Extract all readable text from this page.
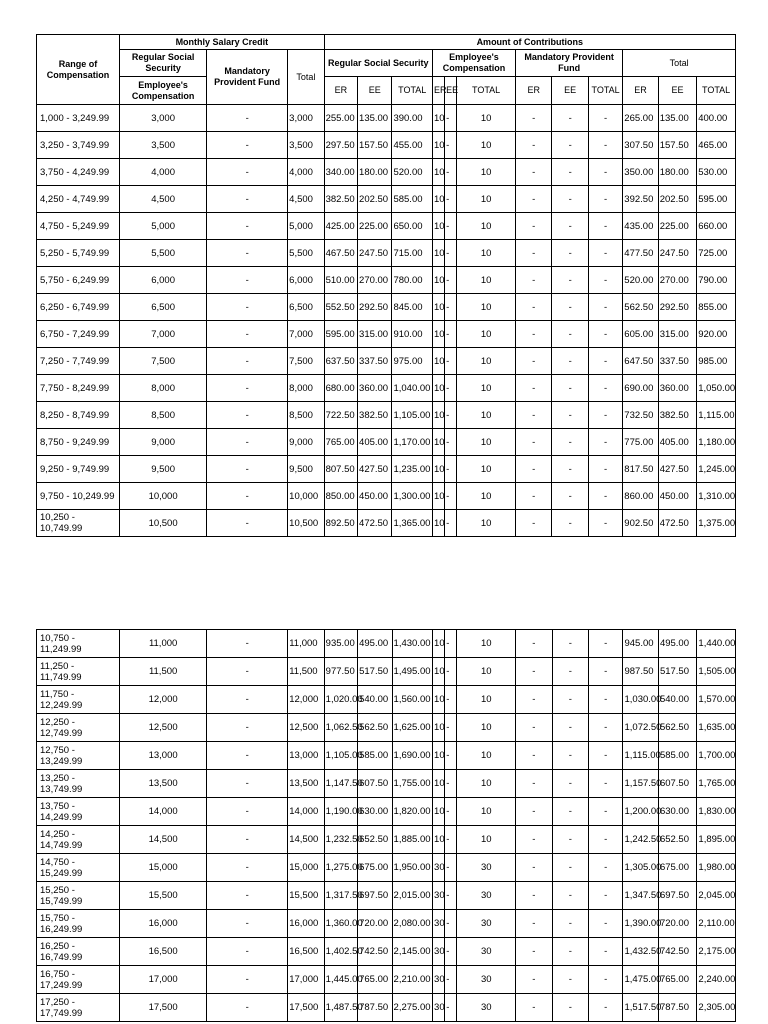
Range of Compensation	Monthly Salary Credit			Amount of Contributions											
	Regular Social Security	Mandatory Provident Fund	Total	Regular Social Security			Employee's Compensation			Mandatory Provident Fund			Total		
	Employee's Compensation			ER	EE	TOTAL	ER	EE	TOTAL	ER	EE	TOTAL	ER	EE	TOTAL
1,000 - 3,249.99	3,000	-	3,000	255.00	135.00	390.00	10	-	10	-	-	-	265.00	135.00	400.00
3,250 - 3,749.99	3,500	-	3,500	297.50	157.50	455.00	10	-	10	-	-	-	307.50	157.50	465.00
3,750 - 4,249.99	4,000	-	4,000	340.00	180.00	520.00	10	-	10	-	-	-	350.00	180.00	530.00
4,250 - 4,749.99	4,500	-	4,500	382.50	202.50	585.00	10	-	10	-	-	-	392.50	202.50	595.00
4,750 - 5,249.99	5,000	-	5,000	425.00	225.00	650.00	10	-	10	-	-	-	435.00	225.00	660.00
5,250 - 5,749.99	5,500	-	5,500	467.50	247.50	715.00	10	-	10	-	-	-	477.50	247.50	725.00
5,750 - 6,249.99	6,000	-	6,000	510.00	270.00	780.00	10	-	10	-	-	-	520.00	270.00	790.00
6,250 - 6,749.99	6,500	-	6,500	552.50	292.50	845.00	10	-	10	-	-	-	562.50	292.50	855.00
6,750 - 7,249.99	7,000	-	7,000	595.00	315.00	910.00	10	-	10	-	-	-	605.00	315.00	920.00
7,250 - 7,749.99	7,500	-	7,500	637.50	337.50	975.00	10	-	10	-	-	-	647.50	337.50	985.00
7,750 - 8,249.99	8,000	-	8,000	680.00	360.00	1,040.00	10	-	10	-	-	-	690.00	360.00	1,050.00
8,250 - 8,749.99	8,500	-	8,500	722.50	382.50	1,105.00	10	-	10	-	-	-	732.50	382.50	1,115.00
8,750 - 9,249.99	9,000	-	9,000	765.00	405.00	1,170.00	10	-	10	-	-	-	775.00	405.00	1,180.00
9,250 - 9,749.99	9,500	-	9,500	807.50	427.50	1,235.00	10	-	10	-	-	-	817.50	427.50	1,245.00
9,750 - 10,249.99	10,000	-	10,000	850.00	450.00	1,300.00	10	-	10	-	-	-	860.00	450.00	1,310.00
10,250 - 10,749.99	10,500	-	10,500	892.50	472.50	1,365.00	10	-	10	-	-	-	902.50	472.50	1,375.00
10,750 - 11,249.99	11,000	-	11,000	935.00	495.00	1,430.00	10	-	10	-	-	-	945.00	495.00	1,440.00
11,250 - 11,749.99	11,500	-	11,500	977.50	517.50	1,495.00	10	-	10	-	-	-	987.50	517.50	1,505.00
11,750 - 12,249.99	12,000	-	12,000	1,020.00	540.00	1,560.00	10	-	10	-	-	-	1,030.00	540.00	1,570.00
12,250 - 12,749.99	12,500	-	12,500	1,062.50	562.50	1,625.00	10	-	10	-	-	-	1,072.50	562.50	1,635.00
12,750 - 13,249.99	13,000	-	13,000	1,105.00	585.00	1,690.00	10	-	10	-	-	-	1,115.00	585.00	1,700.00
13,250 - 13,749.99	13,500	-	13,500	1,147.50	607.50	1,755.00	10	-	10	-	-	-	1,157.50	607.50	1,765.00
13,750 - 14,249.99	14,000	-	14,000	1,190.00	630.00	1,820.00	10	-	10	-	-	-	1,200.00	630.00	1,830.00
14,250 - 14,749.99	14,500	-	14,500	1,232.50	652.50	1,885.00	10	-	10	-	-	-	1,242.50	652.50	1,895.00
14,750 - 15,249.99	15,000	-	15,000	1,275.00	675.00	1,950.00	30	-	30	-	-	-	1,305.00	675.00	1,980.00
15,250 - 15,749.99	15,500	-	15,500	1,317.50	697.50	2,015.00	30	-	30	-	-	-	1,347.50	697.50	2,045.00
15,750 - 16,249.99	16,000	-	16,000	1,360.00	720.00	2,080.00	30	-	30	-	-	-	1,390.00	720.00	2,110.00
16,250 - 16,749.99	16,500	-	16,500	1,402.50	742.50	2,145.00	30	-	30	-	-	-	1,432.50	742.50	2,175.00
16,750 - 17,249.99	17,000	-	17,000	1,445.00	765.00	2,210.00	30	-	30	-	-	-	1,475.00	765.00	2,240.00
17,250 - 17,749.99	17,500	-	17,500	1,487.50	787.50	2,275.00	30	-	30	-	-	-	1,517.50	787.50	2,305.00
